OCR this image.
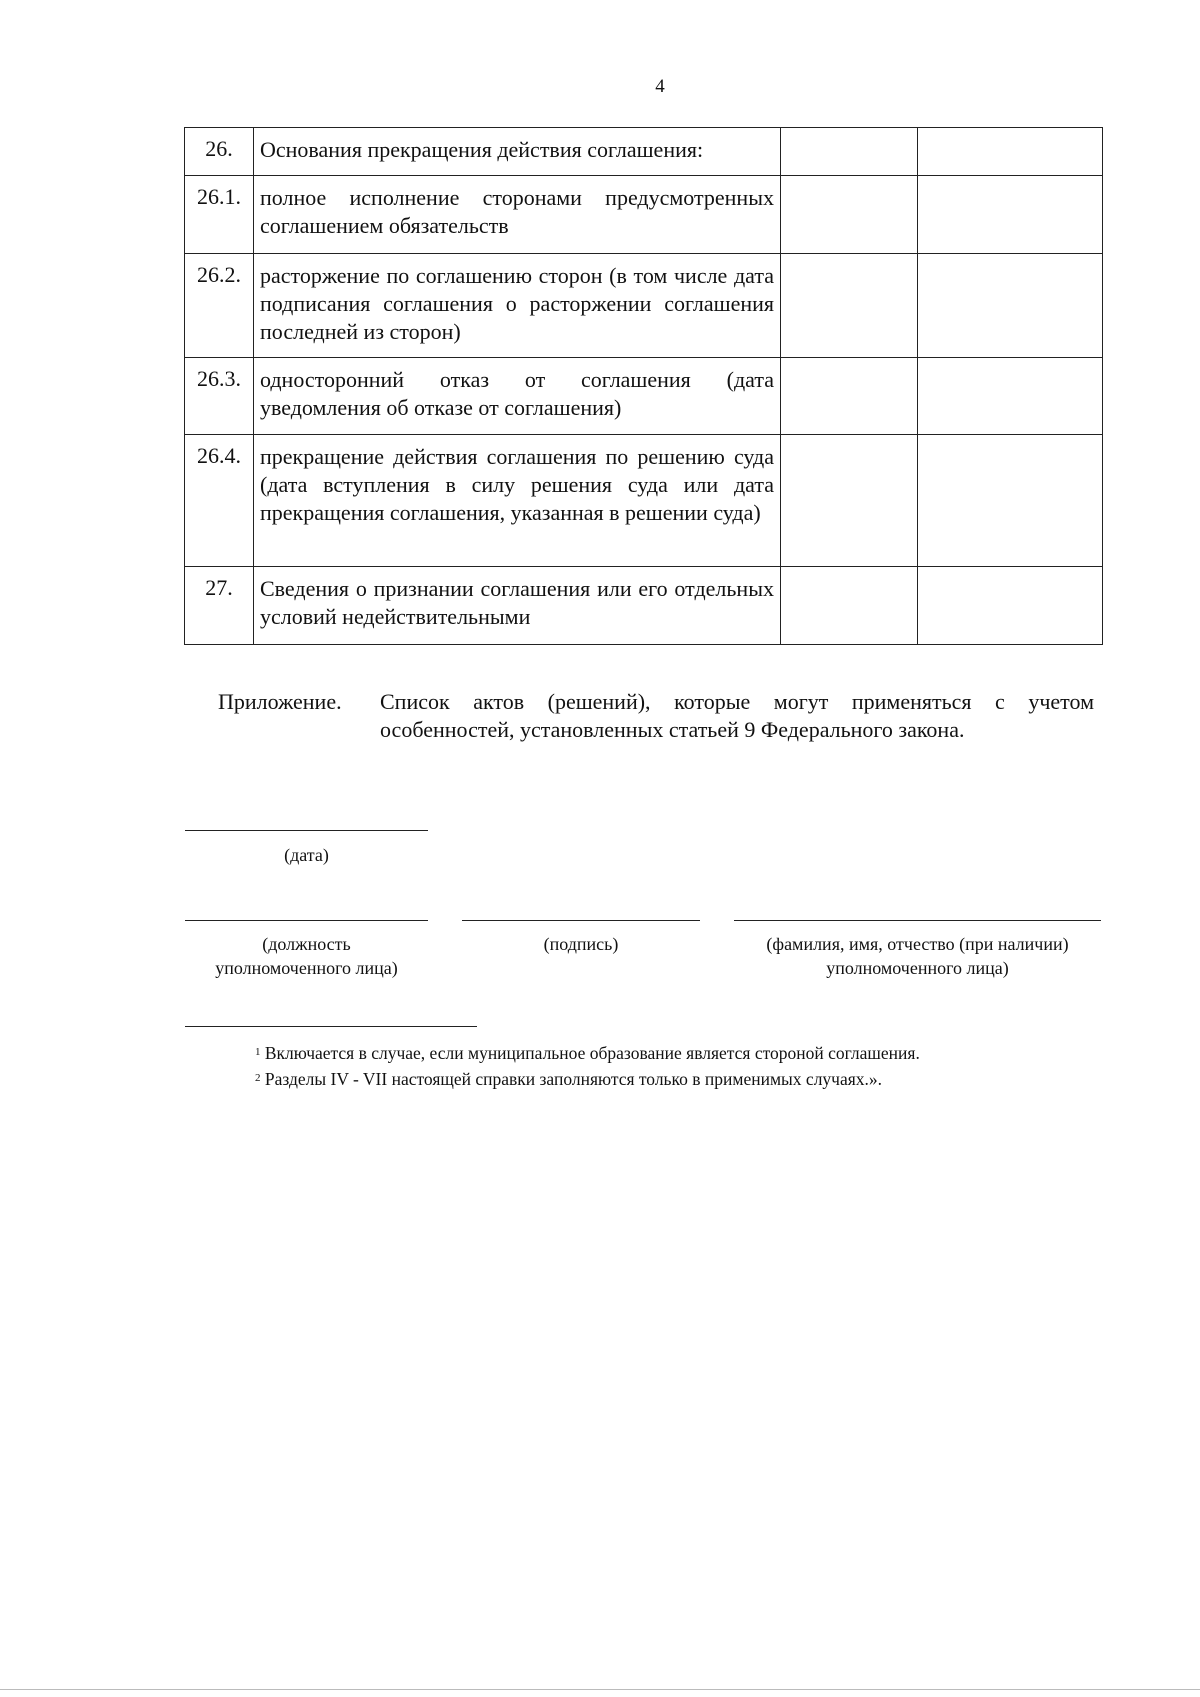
4
26.	Основания прекращения действия соглашения:		
26.1.	полное исполнение сторонами предусмотренных соглашением обязательств		
26.2.	расторжение по соглашению сторон (в том числе дата подписания соглашения о расторжении соглашения последней из сторон)		
26.3.	односторонний отказ от соглашения (дата уведомления об отказе от соглашения)		
26.4.	прекращение действия соглашения по решению суда (дата вступления в силу решения суда или дата прекращения соглашения, указанная в решении суда)		
27.	Сведения о признании соглашения или его отдельных условий недействительными		
Приложение. Список актов (решений), которые могут применяться с учетом особенностей, установленных статьей 9 Федерального закона.
(дата)
(должность
уполномоченного лица)
(подпись)	(фамилия, имя, отчество (при наличии)
уполномоченного лица)
$^1$ Включается в случае, если муниципальное образование является стороной соглашения.
$^2$ Разделы IV - VII настоящей справки заполняются только в применимых случаях.».
